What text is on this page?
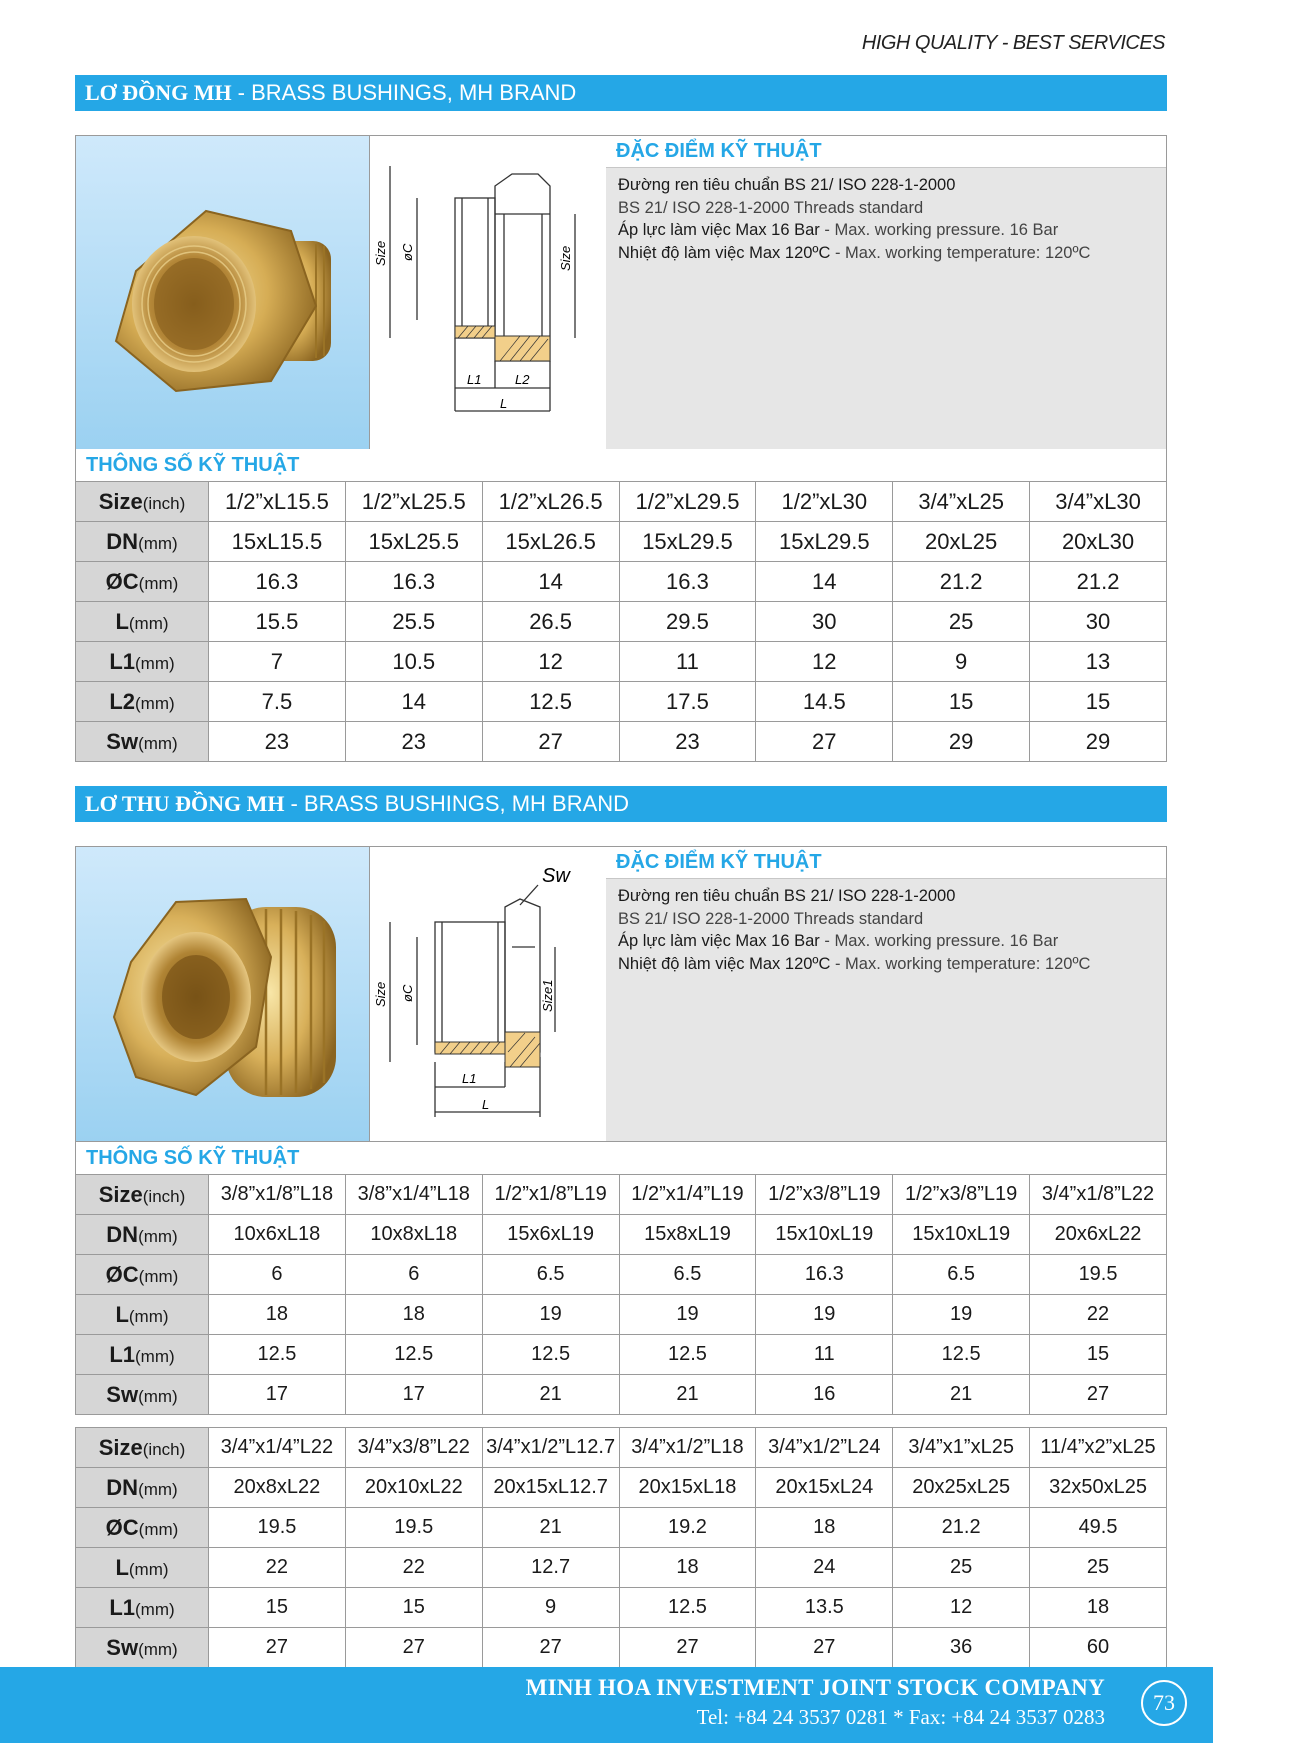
HIGH QUALITY - BEST SERVICES
LƠ ĐỒNG MH - BRASS BUSHINGS, MH BRAND
Size øC	Size
L1	L2
L
ĐẶC ĐIỂM KỸ THUẬT
Đường ren tiêu chuẩn BS 21/ ISO 228-1-2000
BS 21/ ISO 228-1-2000 Threads standard
Áp lực làm việc Max 16 Bar - Max. working pressure. 16 Bar
Nhiệt độ làm việc Max 120ºC - Max. working temperature: 120ºC
THÔNG SỐ KỸ THUẬT
Size(inch)	1/2”xL15.5	1/2”xL25.5	1/2”xL26.5	1/2”xL29.5	1/2”xL30	3/4”xL25	3/4”xL30
DN(mm)	15xL15.5	15xL25.5	15xL26.5	15xL29.5	15xL29.5	20xL25	20xL30
ØC(mm)	16.3	16.3	14	16.3	14	21.2	21.2
L(mm)	15.5	25.5	26.5	29.5	30	25	30
L1(mm)	7	10.5	12	11	12	9	13
L2(mm)	7.5	14	12.5	17.5	14.5	15	15
Sw(mm)	23	23	27	23	27	29	29
LƠ THU ĐỒNG MH - BRASS BUSHINGS, MH BRAND
Sw
Size øC	Size1
L1
L
ĐẶC ĐIỂM KỸ THUẬT
Đường ren tiêu chuẩn BS 21/ ISO 228-1-2000
BS 21/ ISO 228-1-2000 Threads standard
Áp lực làm việc Max 16 Bar - Max. working pressure. 16 Bar
Nhiệt độ làm việc Max 120ºC - Max. working temperature: 120ºC
THÔNG SỐ KỸ THUẬT
Size(inch)	3/8”x1/8”L18	3/8”x1/4”L18	1/2”x1/8”L19	1/2”x1/4”L19	1/2”x3/8”L19	1/2”x3/8”L19	3/4”x1/8”L22
DN(mm)	10x6xL18	10x8xL18	15x6xL19	15x8xL19	15x10xL19	15x10xL19	20x6xL22
ØC(mm)	6	6	6.5	6.5	16.3	6.5	19.5
L(mm)	18	18	19	19	19	19	22
L1(mm)	12.5	12.5	12.5	12.5	11	12.5	15
Sw(mm)	17	17	21	21	16	21	27
Size(inch)	3/4”x1/4”L22	3/4”x3/8”L22	3/4”x1/2”L12.7	3/4”x1/2”L18	3/4”x1/2”L24	3/4”x1”xL25	11/4”x2”xL25
DN(mm)	20x8xL22	20x10xL22	20x15xL12.7	20x15xL18	20x15xL24	20x25xL25	32x50xL25
ØC(mm)	19.5	19.5	21	19.2	18	21.2	49.5
L(mm)	22	22	12.7	18	24	25	25
L1(mm)	15	15	9	12.5	13.5	12	18
Sw(mm)	27	27	27	27	27	36	60
MINH HOA INVESTMENT JOINT STOCK COMPANY
Tel: +84 24 3537 0281 * Fax: +84 24 3537 0283
73
